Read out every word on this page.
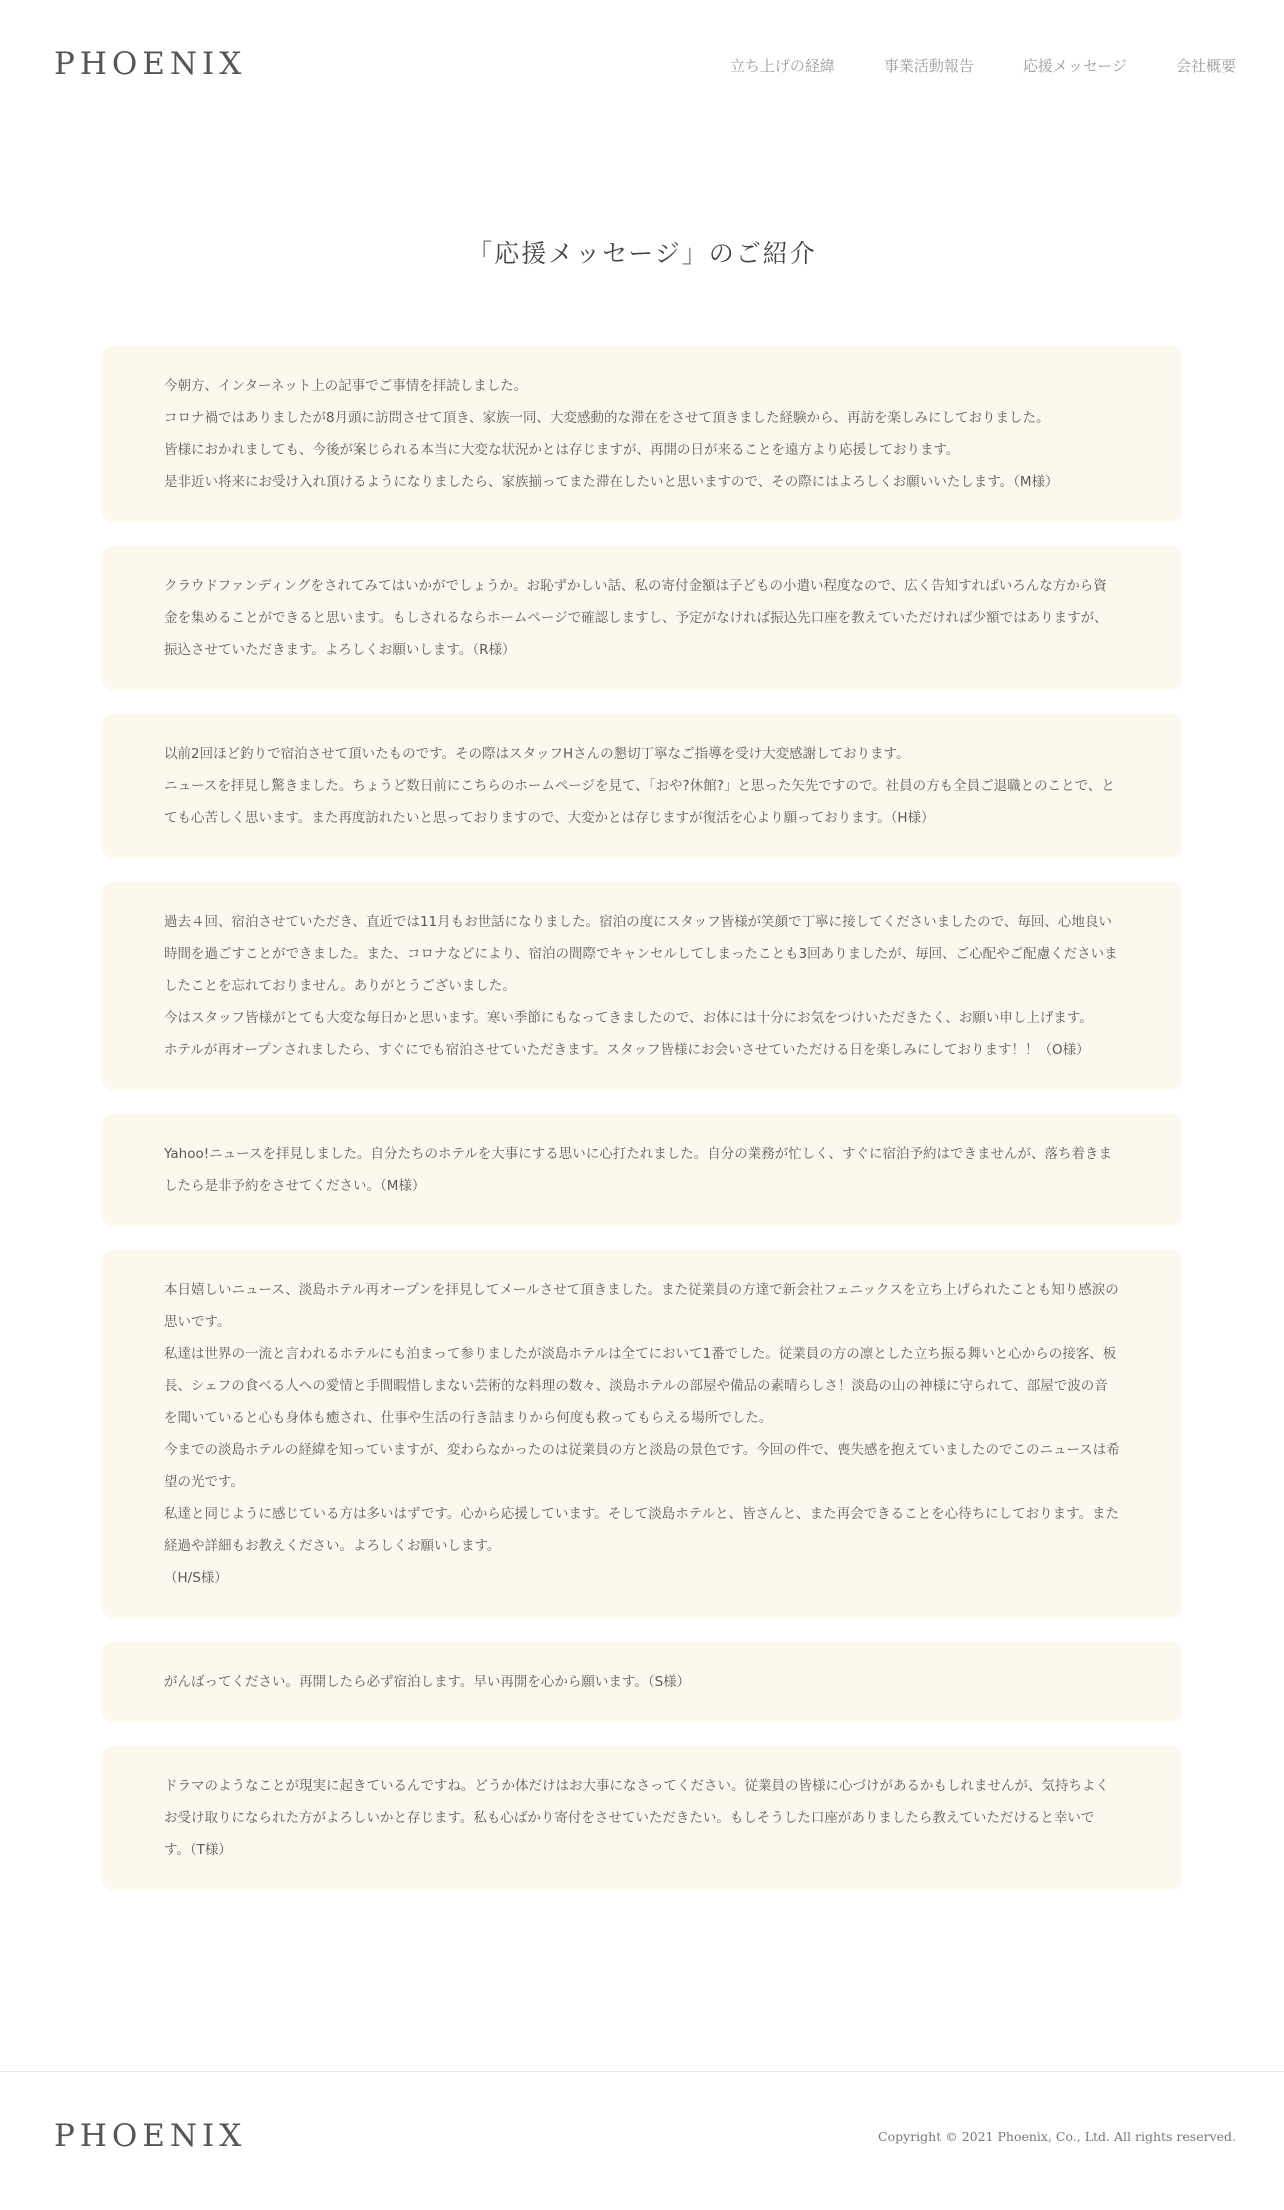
PHOENIX	立ち上げの経緯	事業活動報告	応援メッセージ	会社概要
「応援メッセージ」のご紹介

今朝方、インターネット上の記事でご事情を拝読しました。

コロナ禍ではありましたが8月頭に訪問させて頂き、家族一同、大変感動的な滞在をさせて頂きました経験から、再訪を楽しみにしておりました。

皆様におかれましても、今後が案じられる本当に大変な状況かとは存じますが、再開の日が来ることを遠方より応援しております。

是非近い将来にお受け入れ頂けるようになりましたら、家族揃ってまた滞在したいと思いますので、その際にはよろしくお願いいたします。（M様）

クラウドファンディングをされてみてはいかがでしょうか。お恥ずかしい話、私の寄付金額は子どもの小遣い程度なので、広く告知すればいろんな方から資金を集めることができると思います。もしされるならホームページで確認しますし、予定がなければ振込先口座を教えていただければ少額ではありますが、振込させていただきます。よろしくお願いします。（R様）

以前2回ほど釣りで宿泊させて頂いたものです。その際はスタッフHさんの懇切丁寧なご指導を受け大変感謝しております。

ニュースを拝見し驚きました。ちょうど数日前にこちらのホームページを見て、「おや?休館?」と思った矢先ですので。社員の方も全員ご退職とのことで、とても心苦しく思います。また再度訪れたいと思っておりますので、大変かとは存じますが復活を心より願っております。（H様）

過去４回、宿泊させていただき、直近では11月もお世話になりました。宿泊の度にスタッフ皆様が笑顔で丁寧に接してくださいましたので、毎回、心地良い時間を過ごすことができました。また、コロナなどにより、宿泊の間際でキャンセルしてしまったことも3回ありましたが、毎回、ご心配やご配慮くださいましたことを忘れておりません。ありがとうございました。

今はスタッフ皆様がとても大変な毎日かと思います。寒い季節にもなってきましたので、お体には十分にお気をつけいただきたく、お願い申し上げます。

ホテルが再オープンされましたら、すぐにでも宿泊させていただきます。スタッフ皆様にお会いさせていただける日を楽しみにしております！！（O様）

Yahoo!ニュースを拝見しました。自分たちのホテルを大事にする思いに心打たれました。自分の業務が忙しく、すぐに宿泊予約はできませんが、落ち着きましたら是非予約をさせてください。（M様）

本日嬉しいニュース、淡島ホテル再オープンを拝見してメールさせて頂きました。また従業員の方達で新会社フェニックスを立ち上げられたことも知り感涙の思いです。

私達は世界の一流と言われるホテルにも泊まって参りましたが淡島ホテルは全てにおいて1番でした。従業員の方の凛とした立ち振る舞いと心からの接客、板長、シェフの食べる人への愛情と手間暇惜しまない芸術的な料理の数々、淡島ホテルの部屋や備品の素晴らしさ！淡島の山の神様に守られて、部屋で波の音を聞いていると心も身体も癒され、仕事や生活の行き詰まりから何度も救ってもらえる場所でした。

今までの淡島ホテルの経緯を知っていますが、変わらなかったのは従業員の方と淡島の景色です。今回の件で、喪失感を抱えていましたのでこのニュースは希望の光です。

私達と同じように感じている方は多いはずです。心から応援しています。そして淡島ホテルと、皆さんと、また再会できることを心待ちにしております。また経過や詳細もお教えください。よろしくお願いします。

（H/S様）

がんばってください。再開したら必ず宿泊します。早い再開を心から願います。（S様）

ドラマのようなことが現実に起きているんですね。どうか体だけはお大事になさってください。従業員の皆様に心づけがあるかもしれませんが、気持ちよくお受け取りになられた方がよろしいかと存じます。私も心ばかり寄付をさせていただきたい。もしそうした口座がありましたら教えていただけると幸いです。（T様）

PHOENIX	Copyright © 2021 Phoenix, Co., Ltd. All rights reserved.
